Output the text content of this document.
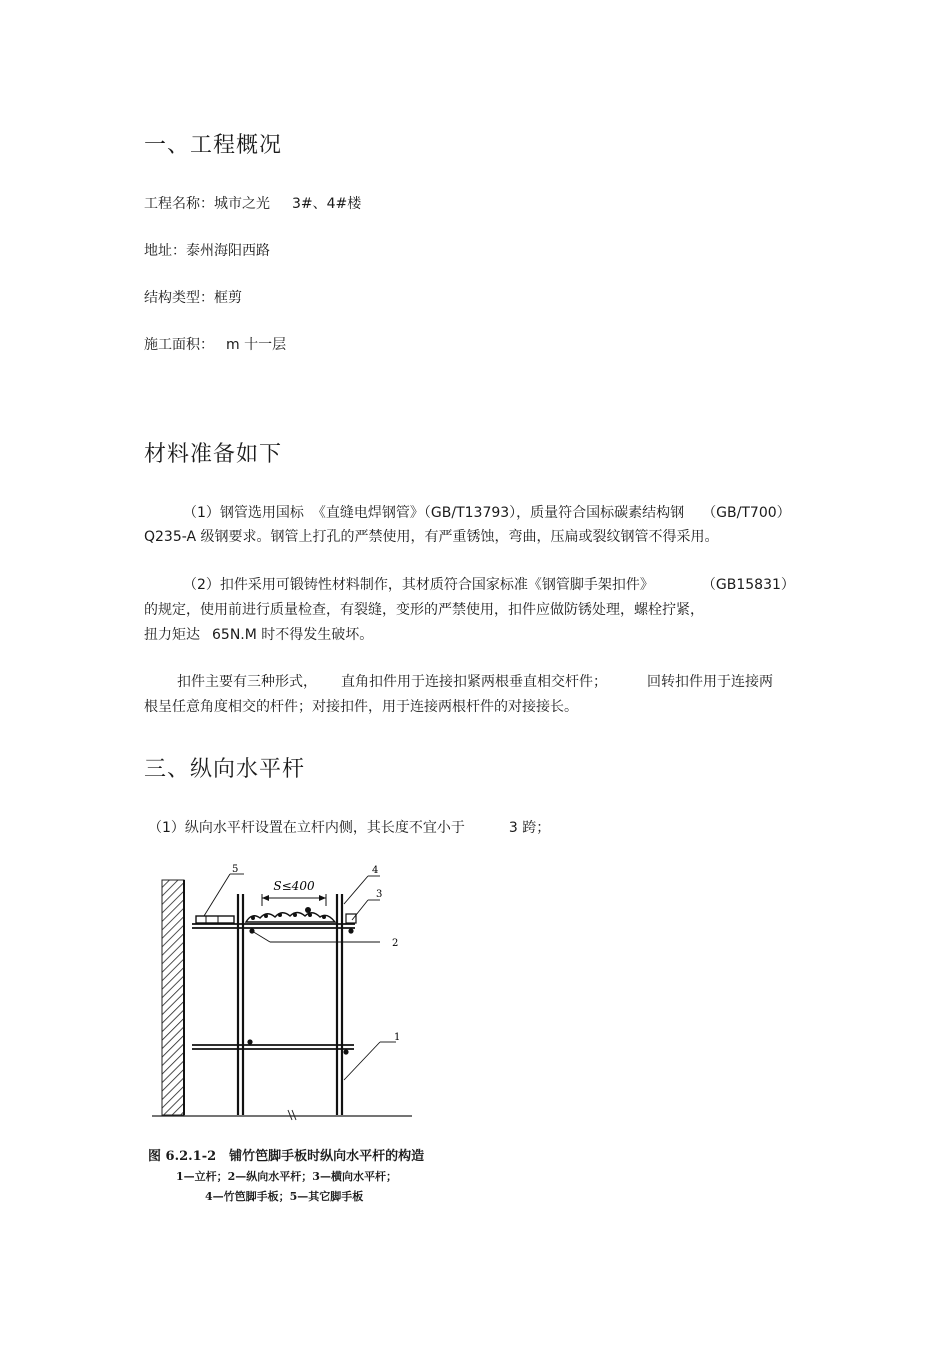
一、工程概况
工程名称：城市之光 3#、4#楼
地址：泰州海阳西路
结构类型：框剪
施工面积： m 十一层
材料准备如下
（1）钢管选用国标 《直缝电焊钢管》（GB/T13793），质量符合国标碳素结构钢 （GB/T700）
Q235-A 级钢要求。钢管上打孔的严禁使用，有严重锈蚀，弯曲，压扁或裂纹钢管不得采用。
（2）扣件采用可锻铸性材料制作，其材质符合国家标准《钢管脚手架扣件》	（GB15831）
的规定，使用前进行质量检查，有裂缝，变形的严禁使用，扣件应做防锈处理，螺栓拧紧，
扭力矩达 65N.M 时不得发生破坏。
扣件主要有三种形式， 直角扣件用于连接扣紧两根垂直相交杆件；	回转扣件用于连接两
根呈任意角度相交的杆件；对接扣件，用于连接两根杆件的对接接长。
三、纵向水平杆
（1）纵向水平杆设置在立杆内侧，其长度不宜小于	3 跨；
S≤400
5	4
3
2
1
图 6.2.1-2　铺竹笆脚手板时纵向水平杆的构造
1—立杆；2—纵向水平杆；3—横向水平杆；
4—竹笆脚手板；5—其它脚手板
